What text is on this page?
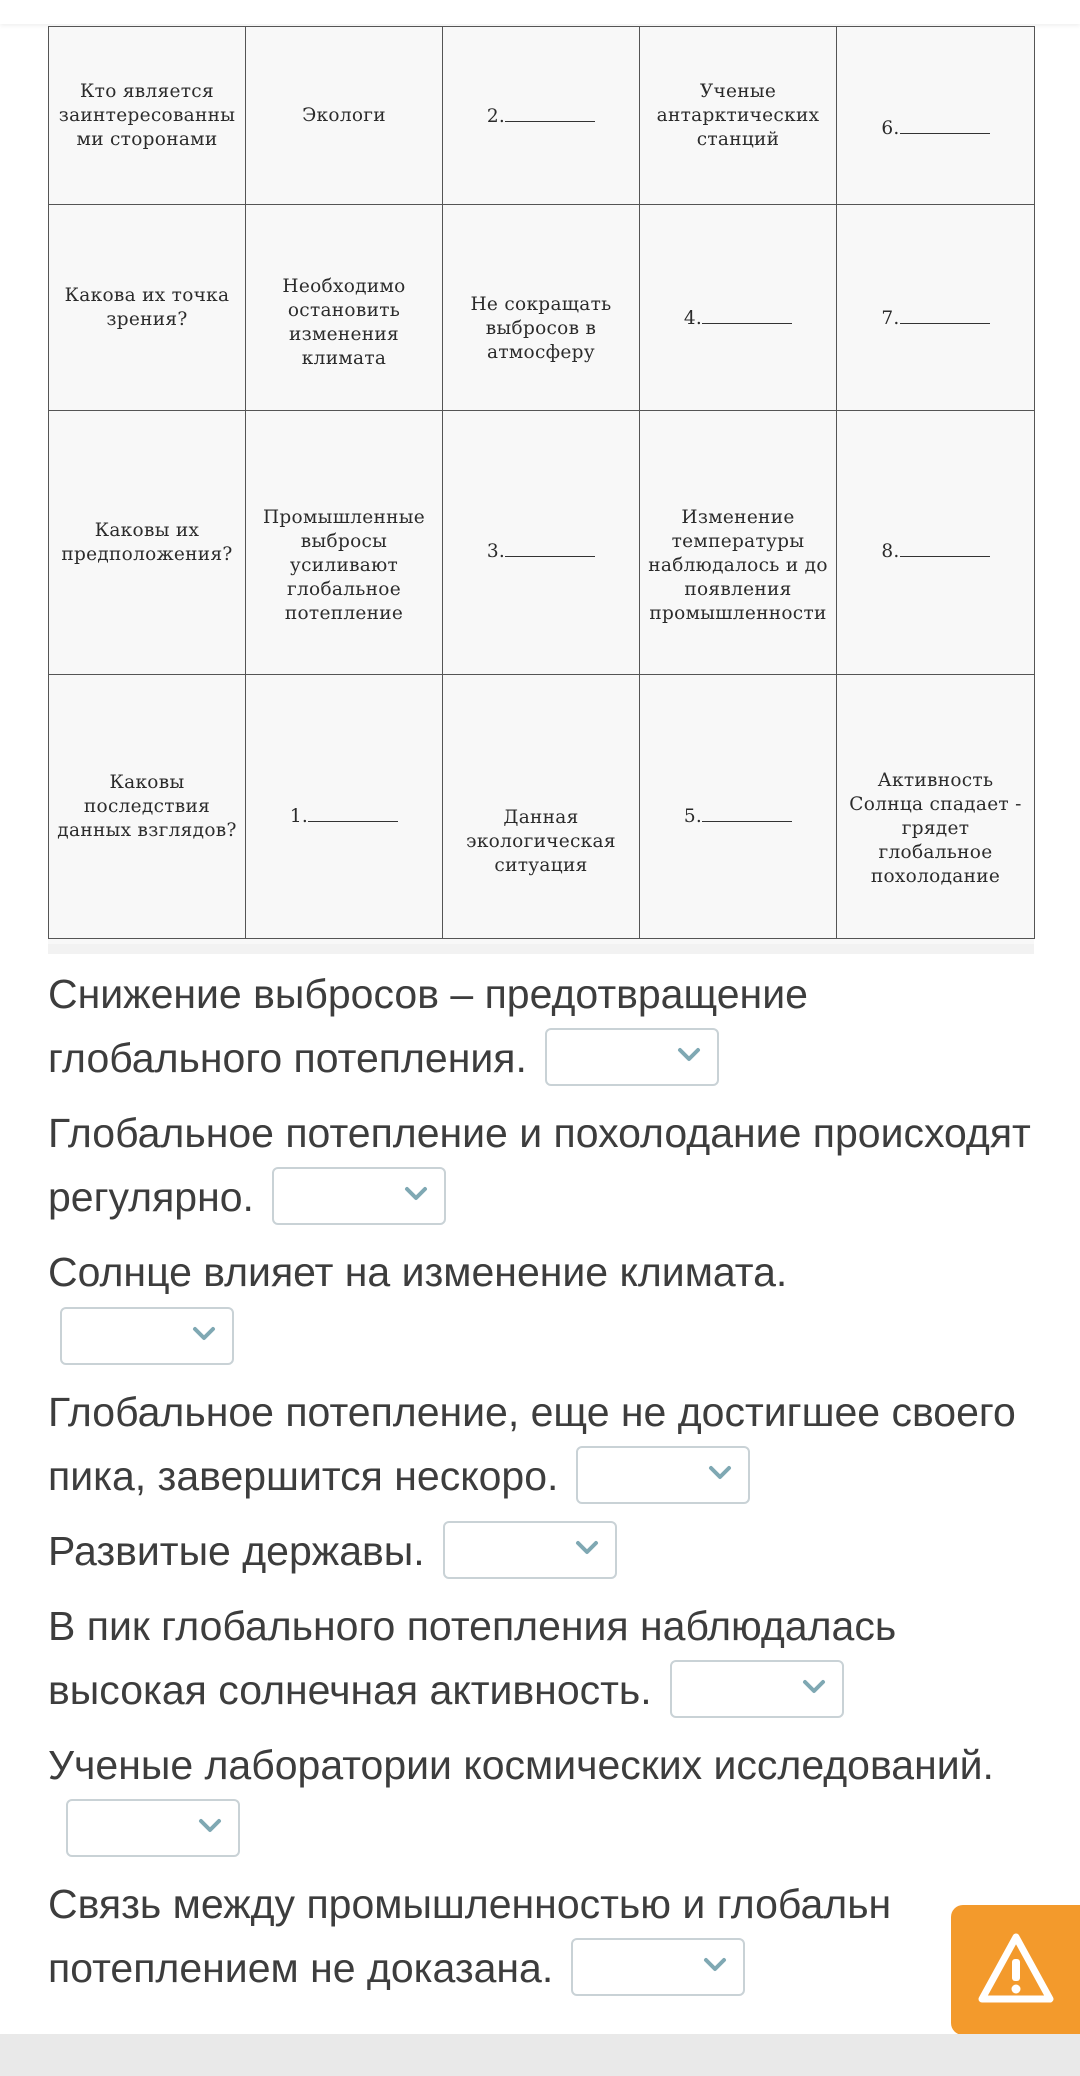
Кто является заинтересованны ми сторонами	Экологи	2.	Ученые антарктических станций	6.
Какова их точка зрения?	Необходимо остановить изменения климата	Не сокращать выбросов в атмосферу	4.	7.
Каковы их предположения?	Промышленные выбросы усиливают глобальное потепление	3.	Изменение температуры наблюдалось и до появления промышленности	8.
Каковы последствия данных взглядов?	1.	Данная экологическая ситуация	5.	Активность Солнца спадает - грядет глобальное похолодание
Снижение выбросов – предотвращение глобального потепления.
Глобальное потепление и похолодание происходят регулярно.
Солнце влияет на изменение климата.

Глобальное потепление, еще не достигшее своего пика, завершится нескоро.
Развитые державы.
В пик глобального потепления наблюдалась высокая солнечная активность.
Ученые лаборатории космических исследований.
Связь между промышленностью и глобальн потеплением не доказана.
